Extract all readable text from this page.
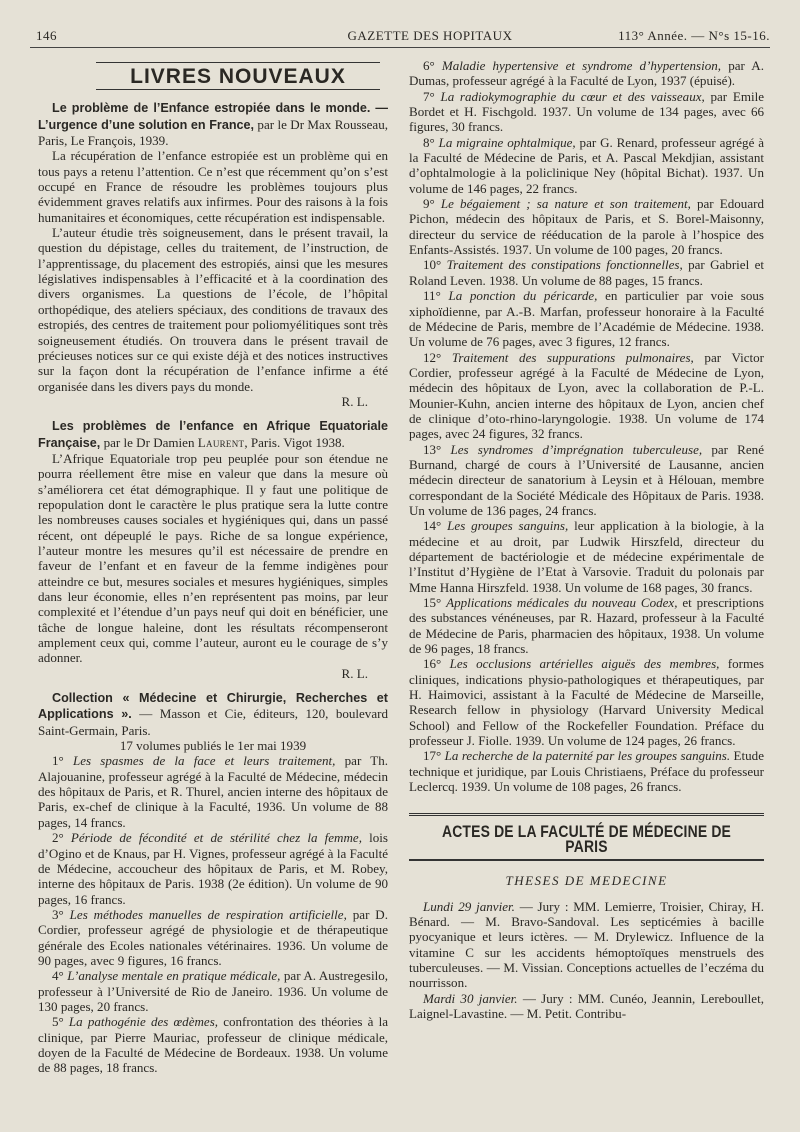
146	GAZETTE DES HOPITAUX	113° Année. — N°s 15-16.
LIVRES NOUVEAUX

Le problème de l’Enfance estropiée dans le monde. — L’urgence d’une solution en France, par le Dr Max Rousseau, Paris, Le François, 1939.

La récupération de l’enfance estropiée est un problème qui en tous pays a retenu l’attention. Ce n’est que récemment qu’on s’est occupé en France de résoudre les problèmes toujours plus évidemment graves relatifs aux infirmes. Pour des raisons à la fois humanitaires et économiques, cette récupération est indispensable.

L’auteur étudie très soigneusement, dans le présent travail, la question du dépistage, celles du traitement, de l’instruction, de l’apprentissage, du placement des estropiés, ainsi que les mesures législatives indispensables à l’efficacité et à la coordination des divers organismes. La questions de l’école, de l’hôpital orthopédique, des ateliers spéciaux, des conditions de travaux des estropiés, des centres de traitement pour poliomyélitiques sont très soigneusement étudiés. On trouvera dans le présent travail de précieuses notices sur ce qui existe déjà et des notices instructives sur la façon dont la récupération de l’enfance infirme a été organisée dans les divers pays du monde.

R. L.

Les problèmes de l’enfance en Afrique Equatoriale Française, par le Dr Damien Laurent, Paris. Vigot 1938.

L’Afrique Equatoriale trop peu peuplée pour son étendue ne pourra réellement être mise en valeur que dans la mesure où s’améliorera cet état démographique. Il y faut une politique de repopulation dont le caractère le plus pratique sera la lutte contre les nombreuses causes sociales et hygiéniques qui, dans un passé récent, ont dépeuplé le pays. Riche de sa longue expérience, l’auteur montre les mesures qu’il est nécessaire de prendre en faveur de l’enfant et en faveur de la femme indigènes pour atteindre ce but, mesures sociales et mesures hygiéniques, simples dans leur économie, elles n’en représentent pas moins, par leur complexité et l’étendue d’un pays neuf qui doit en bénéficier, une tâche de longue haleine, dont les résultats récompenseront amplement ceux qui, comme l’auteur, auront eu le courage de s’y adonner.

R. L.

Collection « Médecine et Chirurgie, Recherches et Applications ». — Masson et Cie, éditeurs, 120, boulevard Saint-Germain, Paris.

17 volumes publiés le 1er mai 1939

1° Les spasmes de la face et leurs traitement, par Th. Alajouanine, professeur agrégé à la Faculté de Médecine, médecin des hôpitaux de Paris, et R. Thurel, ancien interne des hôpitaux de Paris, ex-chef de clinique à la Faculté, 1936. Un volume de 88 pages, 14 francs.

2° Période de fécondité et de stérilité chez la femme, lois d’Ogino et de Knaus, par H. Vignes, professeur agrégé à la Faculté de Médecine, accoucheur des hôpitaux de Paris, et M. Robey, interne des hôpitaux de Paris. 1938 (2e édition). Un volume de 90 pages, 16 francs.

3° Les méthodes manuelles de respiration artificielle, par D. Cordier, professeur agrégé de physiologie et de thérapeutique générale des Ecoles nationales vétérinaires. 1936. Un volume de 90 pages, avec 9 figures, 16 francs.

4° L’analyse mentale en pratique médicale, par A. Austregesilo, professeur à l’Université de Rio de Janeiro. 1936. Un volume de 130 pages, 20 francs.

5° La pathogénie des œdèmes, confrontation des théories à la clinique, par Pierre Mauriac, professeur de clinique médicale, doyen de la Faculté de Médecine de Bordeaux. 1938. Un volume de 88 pages, 18 francs.

6° Maladie hypertensive et syndrome d’hypertension, par A. Dumas, professeur agrégé à la Faculté de Lyon, 1937 (épuisé).

7° La radiokymographie du cœur et des vaisseaux, par Emile Bordet et H. Fischgold. 1937. Un volume de 134 pages, avec 66 figures, 30 francs.

8° La migraine ophtalmique, par G. Renard, professeur agrégé à la Faculté de Médecine de Paris, et A. Pascal Mekdjian, assistant d’ophtalmologie à la policlinique Ney (hôpital Bichat). 1937. Un volume de 146 pages, 22 francs.

9° Le bégaiement ; sa nature et son traitement, par Edouard Pichon, médecin des hôpitaux de Paris, et S. Borel-Maisonny, directeur du service de rééducation de la parole à l’hospice des Enfants-Assistés. 1937. Un volume de 100 pages, 20 francs.

10° Traitement des constipations fonctionnelles, par Gabriel et Roland Leven. 1938. Un volume de 88 pages, 15 francs.

11° La ponction du péricarde, en particulier par voie sous xiphoïdienne, par A.-B. Marfan, professeur honoraire à la Faculté de Médecine de Paris, membre de l’Académie de Médecine. 1938. Un volume de 76 pages, avec 3 figures, 12 francs.

12° Traitement des suppurations pulmonaires, par Victor Cordier, professeur agrégé à la Faculté de Médecine de Lyon, médecin des hôpitaux de Lyon, avec la collaboration de P.-L. Mounier-Kuhn, ancien interne des hôpitaux de Lyon, ancien chef de clinique d’oto-rhino-laryngologie. 1938. Un volume de 174 pages, avec 24 figures, 32 francs.

13° Les syndromes d’imprégnation tuberculeuse, par René Burnand, chargé de cours à l’Université de Lausanne, ancien médecin directeur de sanatorium à Leysin et à Hélouan, membre correspondant de la Société Médicale des Hôpitaux de Paris. 1938. Un volume de 136 pages, 24 francs.

14° Les groupes sanguins, leur application à la biologie, à la médecine et au droit, par Ludwik Hirszfeld, directeur du département de bactériologie et de médecine expérimentale de l’Institut d’Hygiène de l’Etat à Varsovie. Traduit du polonais par Mme Hanna Hirszfeld. 1938. Un volume de 168 pages, 30 francs.

15° Applications médicales du nouveau Codex, et prescriptions des substances vénéneuses, par R. Hazard, professeur à la Faculté de Médecine de Paris, pharmacien des hôpitaux, 1938. Un volume de 96 pages, 18 francs.

16° Les occlusions artérielles aiguës des membres, formes cliniques, indications physio-pathologiques et thérapeutiques, par H. Haimovici, assistant à la Faculté de Médecine de Marseille, Research fellow in physiology (Harvard University Medical School) and Fellow of the Rockefeller Foundation. Préface du professeur J. Fiolle. 1939. Un volume de 124 pages, 26 francs.

17° La recherche de la paternité par les groupes sanguins. Etude technique et juridique, par Louis Christiaens, Préface du professeur Leclercq. 1939. Un volume de 108 pages, 26 francs.

ACTES DE LA FACULTÉ DE MÉDECINE DE PARIS

THESES DE MEDECINE

Lundi 29 janvier. — Jury : MM. Lemierre, Troisier, Chiray, H. Bénard. — M. Bravo-Sandoval. Les septicémies à bacille pyocyanique et leurs ictères. — M. Drylewicz. Influence de la vitamine C sur les accidents hémoptoïques menstruels des tuberculeuses. — M. Vissian. Conceptions actuelles de l’eczéma du nourrisson.

Mardi 30 janvier. — Jury : MM. Cunéo, Jeannin, Lereboullet, Laignel-Lavastine. — M. Petit. Contribu-
